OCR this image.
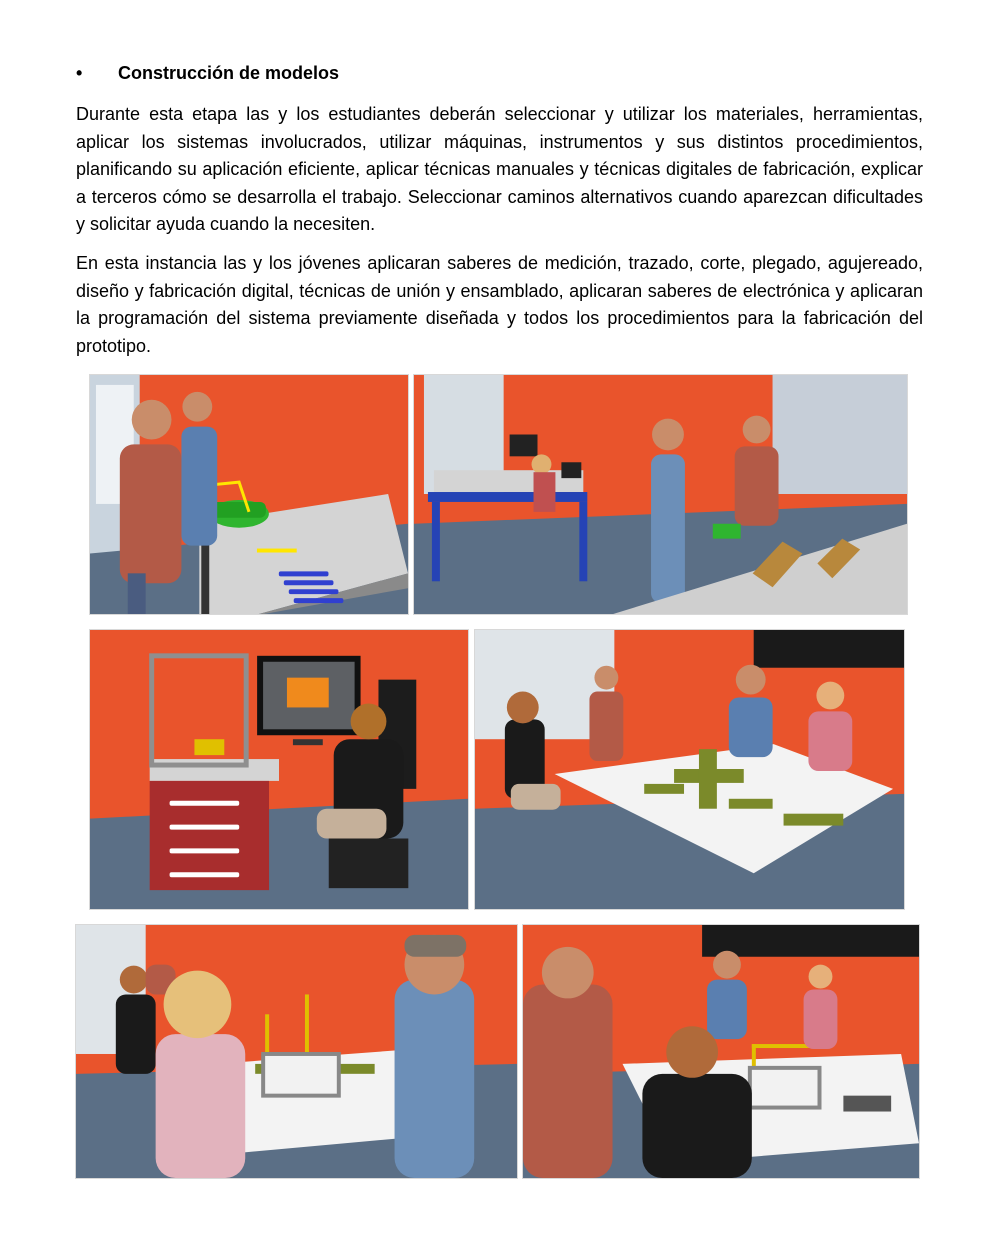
• Construcción de modelos

Durante esta etapa las y los estudiantes deberán seleccionar y utilizar los materiales, herramientas, aplicar los sistemas involucrados, utilizar máquinas, instrumentos y sus distintos procedimientos, planificando su aplicación eficiente, aplicar técnicas manuales y técnicas digitales de fabricación, explicar a terceros cómo se desarrolla el trabajo. Seleccionar caminos alternativos cuando aparezcan dificultades y solicitar ayuda cuando la necesiten.

En esta instancia las y los jóvenes aplicaran saberes de medición, trazado, corte, plegado, agujereado, diseño y fabricación digital, técnicas de unión y ensamblado, aplicaran saberes de electrónica y aplicaran la programación del sistema previamente diseñada y todos los procedimientos para la fabricación del prototipo.
